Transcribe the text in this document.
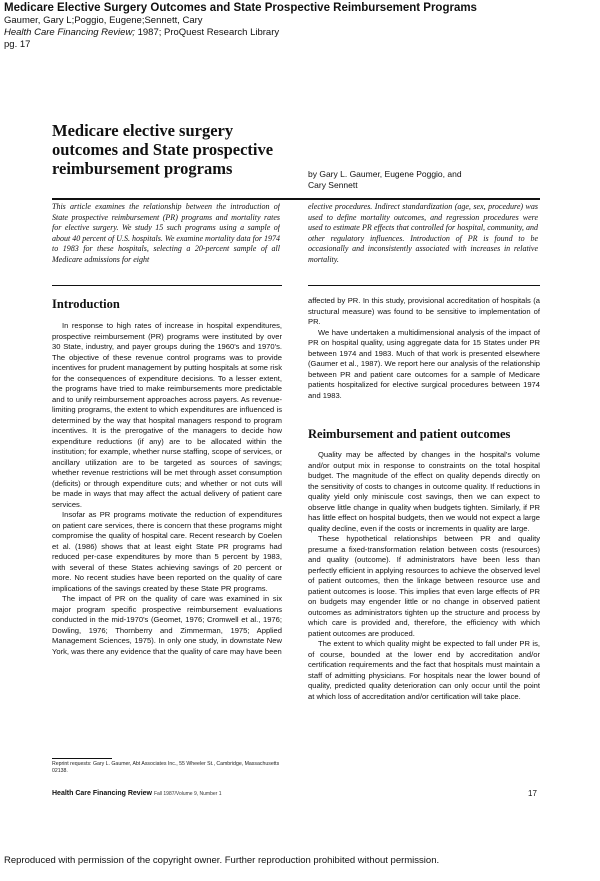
Medicare Elective Surgery Outcomes and State Prospective Reimbursement Programs
Gaumer, Gary L;Poggio, Eugene;Sennett, Cary
Health Care Financing Review; 1987; ProQuest Research Library
pg. 17
Medicare elective surgery outcomes and State prospective reimbursement programs	by Gary L. Gaumer, Eugene Poggio, and
Cary Sennett
This article examines the relationship between the introduction of State prospective reimbursement (PR) programs and mortality rates for elective surgery. We study 15 such programs using a sample of about 40 percent of U.S. hospitals. We examine mortality data for 1974 to 1983 for these hospitals, selecting a 20-percent sample of all Medicare admissions for eight
elective procedures. Indirect standardization (age, sex, procedure) was used to define mortality outcomes, and regression procedures were used to estimate PR effects that controlled for hospital, community, and other regulatory influences. Introduction of PR is found to be occasionally and inconsistently associated with increases in relative mortality.
Introduction

In response to high rates of increase in hospital expenditures, prospective reimbursement (PR) programs were instituted by over 30 State, industry, and payer groups during the 1960's and 1970's. The objective of these revenue control programs was to provide incentives for prudent management by putting hospitals at some risk for the consequences of expenditure decisions. To a lesser extent, the programs have tried to make reimbursements more predictable and to unify reimbursement approaches across payers. As revenue-limiting programs, the extent to which expenditures are influenced is determined by the way that hospital managers respond to program incentives. It is the prerogative of the managers to decide how expenditure reductions (if any) are to be allocated within the institution; for example, whether nurse staffing, scope of services, or ancillary utilization are to be targeted as sources of savings; whether revenue restrictions will be met through asset consumption (deficits) or through expenditure cuts; and whether or not cuts will be made in ways that may affect the actual delivery of patient care services.

Insofar as PR programs motivate the reduction of expenditures on patient care services, there is concern that these programs might compromise the quality of hospital care. Recent research by Coelen et al. (1986) shows that at least eight State PR programs had reduced per-case expenditures by more than 5 percent by 1983, with several of these States achieving savings of 20 percent or more. No recent studies have been reported on the quality of care implications of the savings created by these State PR programs.

The impact of PR on the quality of care was examined in six major program specific prospective reimbursement evaluations conducted in the mid-1970's (Geomet, 1976; Cromwell et al., 1976; Dowling, 1976; Thornberry and Zimmerman, 1975; Applied Management Sciences, 1975). In only one study, in downstate New York, was there any evidence that the quality of care may have been

Reprint requests: Gary L. Gaumer, Abt Associates Inc., 55 Wheeler St., Cambridge, Massachusetts 02138.

affected by PR. In this study, provisional accreditation of hospitals (a structural measure) was found to be sensitive to implementation of PR.

We have undertaken a multidimensional analysis of the impact of PR on hospital quality, using aggregate data for 15 States under PR between 1974 and 1983. Much of that work is presented elsewhere (Gaumer et al., 1987). We report here our analysis of the relationship between PR and patient care outcomes for a sample of Medicare patients hospitalized for elective surgical procedures between 1974 and 1983.

Reimbursement and patient outcomes

Quality may be affected by changes in the hospital's volume and/or output mix in response to constraints on the total hospital budget. The magnitude of the effect on quality depends directly on the sensitivity of costs to changes in outcome quality. If reductions in quality yield only miniscule cost savings, then we can expect to observe little change in quality when budgets tighten. Similarly, if PR has little effect on hospital budgets, then we would not expect a large quality decline, even if the costs or increments in quality are large.

These hypothetical relationships between PR and quality presume a fixed-transformation relation between costs (resources) and quality (outcome). If administrators have been less than perfectly efficient in applying resources to achieve the observed level of patient outcomes, then the linkage between resource use and patient outcomes is loose. This implies that even large effects of PR on budgets may engender little or no change in observed patient outcomes as administrators tighten up the structure and process by which care is provided and, therefore, the efficiency with which patient outcomes are produced.

The extent to which quality might be expected to fall under PR is, of course, bounded at the lower end by accreditation and/or certification requirements and the fact that hospitals must maintain a staff of admitting physicians. For hospitals near the lower bound of quality, predicted quality deterioration can only occur until the point at which loss of accreditation and/or certification will take place.

Health Care Financing Review Fall 1987/Volume 9, Number 1	17
Reproduced with permission of the copyright owner. Further reproduction prohibited without permission.
